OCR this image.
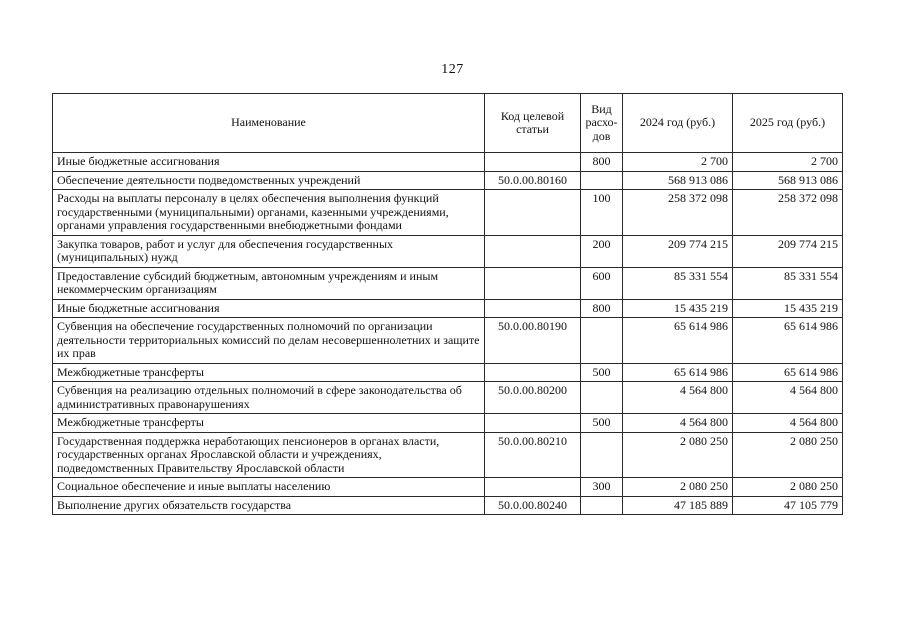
127
Наименование	Код целевой статьи	Вид расхо-дов	2024 год (руб.)	2025 год (руб.)
Иные бюджетные ассигнования		800	2 700	2 700
Обеспечение деятельности подведомственных учреждений	50.0.00.80160		568 913 086	568 913 086
Расходы на выплаты персоналу в целях обеспечения выполнения функций государственными (муниципальными) органами, казенными учреждениями, органами управления государственными внебюджетными фондами		100	258 372 098	258 372 098
Закупка товаров, работ и услуг для обеспечения государственных (муниципальных) нужд		200	209 774 215	209 774 215
Предоставление субсидий бюджетным, автономным учреждениям и иным некоммерческим организациям		600	85 331 554	85 331 554
Иные бюджетные ассигнования		800	15 435 219	15 435 219
Субвенция на обеспечение государственных полномочий по организации деятельности территориальных комиссий по делам несовершеннолетних и защите их прав	50.0.00.80190		65 614 986	65 614 986
Межбюджетные трансферты		500	65 614 986	65 614 986
Субвенция на реализацию отдельных полномочий в сфере законодательства об административных правонарушениях	50.0.00.80200		4 564 800	4 564 800
Межбюджетные трансферты		500	4 564 800	4 564 800
Государственная поддержка неработающих пенсионеров в органах власти, государственных органах Ярославской области и учреждениях, подведомственных Правительству Ярославской области	50.0.00.80210		2 080 250	2 080 250
Социальное обеспечение и иные выплаты населению		300	2 080 250	2 080 250
Выполнение других обязательств государства	50.0.00.80240		47 185 889	47 105 779
